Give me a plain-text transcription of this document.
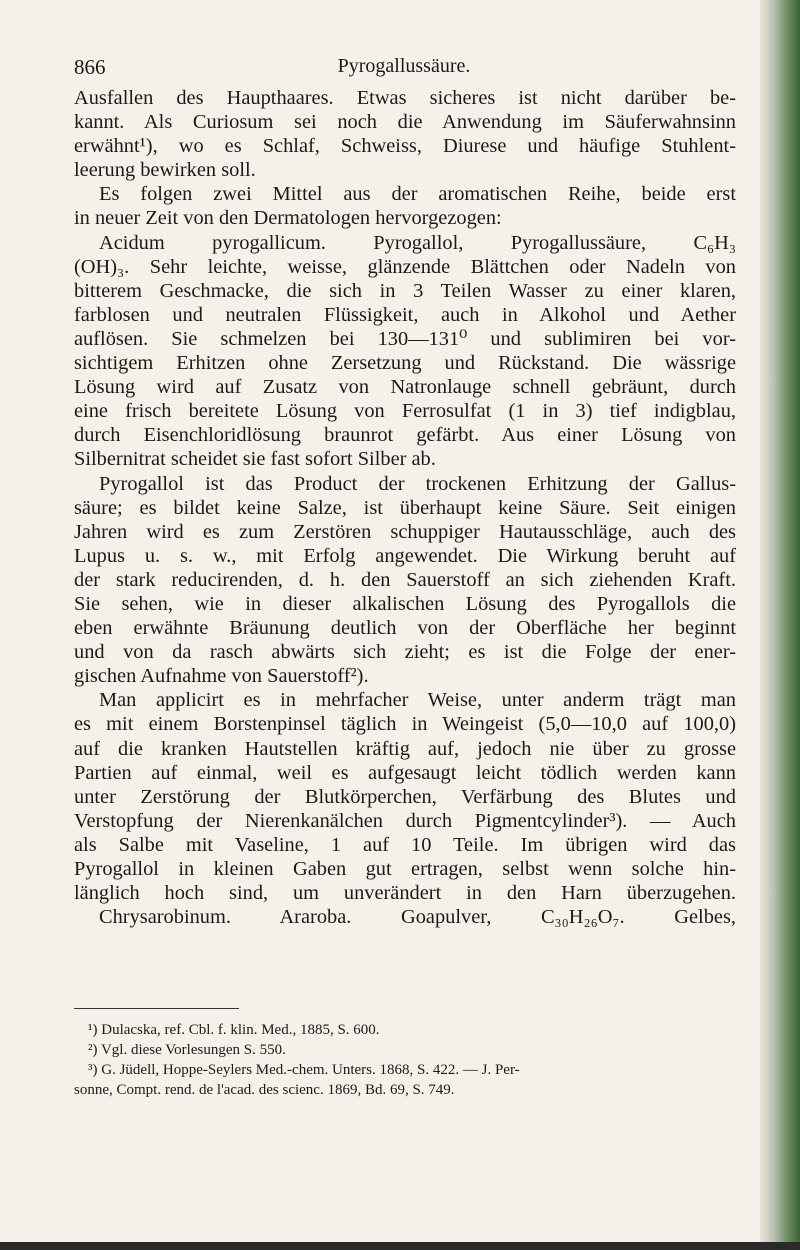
866	Pyrogallussäure.
Ausfallen des Haupthaares. Etwas sicheres ist nicht darüber be-
kannt. Als Curiosum sei noch die Anwendung im Säuferwahnsinn
erwähnt¹), wo es Schlaf, Schweiss, Diurese und häufige Stuhlent-
leerung bewirken soll.
Es folgen zwei Mittel aus der aromatischen Reihe, beide erst
in neuer Zeit von den Dermatologen hervorgezogen:
Acidum pyrogallicum. Pyrogallol, Pyrogallussäure, C₆H₃
(OH)₃. Sehr leichte, weisse, glänzende Blättchen oder Nadeln von
bitterem Geschmacke, die sich in 3 Teilen Wasser zu einer klaren,
farblosen und neutralen Flüssigkeit, auch in Alkohol und Aether
auflösen. Sie schmelzen bei 130—131⁰ und sublimiren bei vor-
sichtigem Erhitzen ohne Zersetzung und Rückstand. Die wässrige
Lösung wird auf Zusatz von Natronlauge schnell gebräunt, durch
eine frisch bereitete Lösung von Ferrosulfat (1 in 3) tief indigblau,
durch Eisenchloridlösung braunrot gefärbt. Aus einer Lösung von
Silbernitrat scheidet sie fast sofort Silber ab.
Pyrogallol ist das Product der trockenen Erhitzung der Gallus-
säure; es bildet keine Salze, ist überhaupt keine Säure. Seit einigen
Jahren wird es zum Zerstören schuppiger Hautausschläge, auch des
Lupus u. s. w., mit Erfolg angewendet. Die Wirkung beruht auf
der stark reducirenden, d. h. den Sauerstoff an sich ziehenden Kraft.
Sie sehen, wie in dieser alkalischen Lösung des Pyrogallols die
eben erwähnte Bräunung deutlich von der Oberfläche her beginnt
und von da rasch abwärts sich zieht; es ist die Folge der ener-
gischen Aufnahme von Sauerstoff²).
Man applicirt es in mehrfacher Weise, unter anderm trägt man
es mit einem Borstenpinsel täglich in Weingeist (5,0—10,0 auf 100,0)
auf die kranken Hautstellen kräftig auf, jedoch nie über zu grosse
Partien auf einmal, weil es aufgesaugt leicht tödlich werden kann
unter Zerstörung der Blutkörperchen, Verfärbung des Blutes und
Verstopfung der Nierenkanälchen durch Pigmentcylinder³). — Auch
als Salbe mit Vaseline, 1 auf 10 Teile. Im übrigen wird das
Pyrogallol in kleinen Gaben gut ertragen, selbst wenn solche hin-
länglich hoch sind, um unverändert in den Harn überzugehen.
Chrysarobinum. Araroba. Goapulver, C₃₀H₂₆O₇. Gelbes,
¹) Dulacska, ref. Cbl. f. klin. Med., 1885, S. 600.
²) Vgl. diese Vorlesungen S. 550.
³) G. Jüdell, Hoppe-Seylers Med.-chem. Unters. 1868, S. 422. — J. Per-
sonne, Compt. rend. de l'acad. des scienc. 1869, Bd. 69, S. 749.
